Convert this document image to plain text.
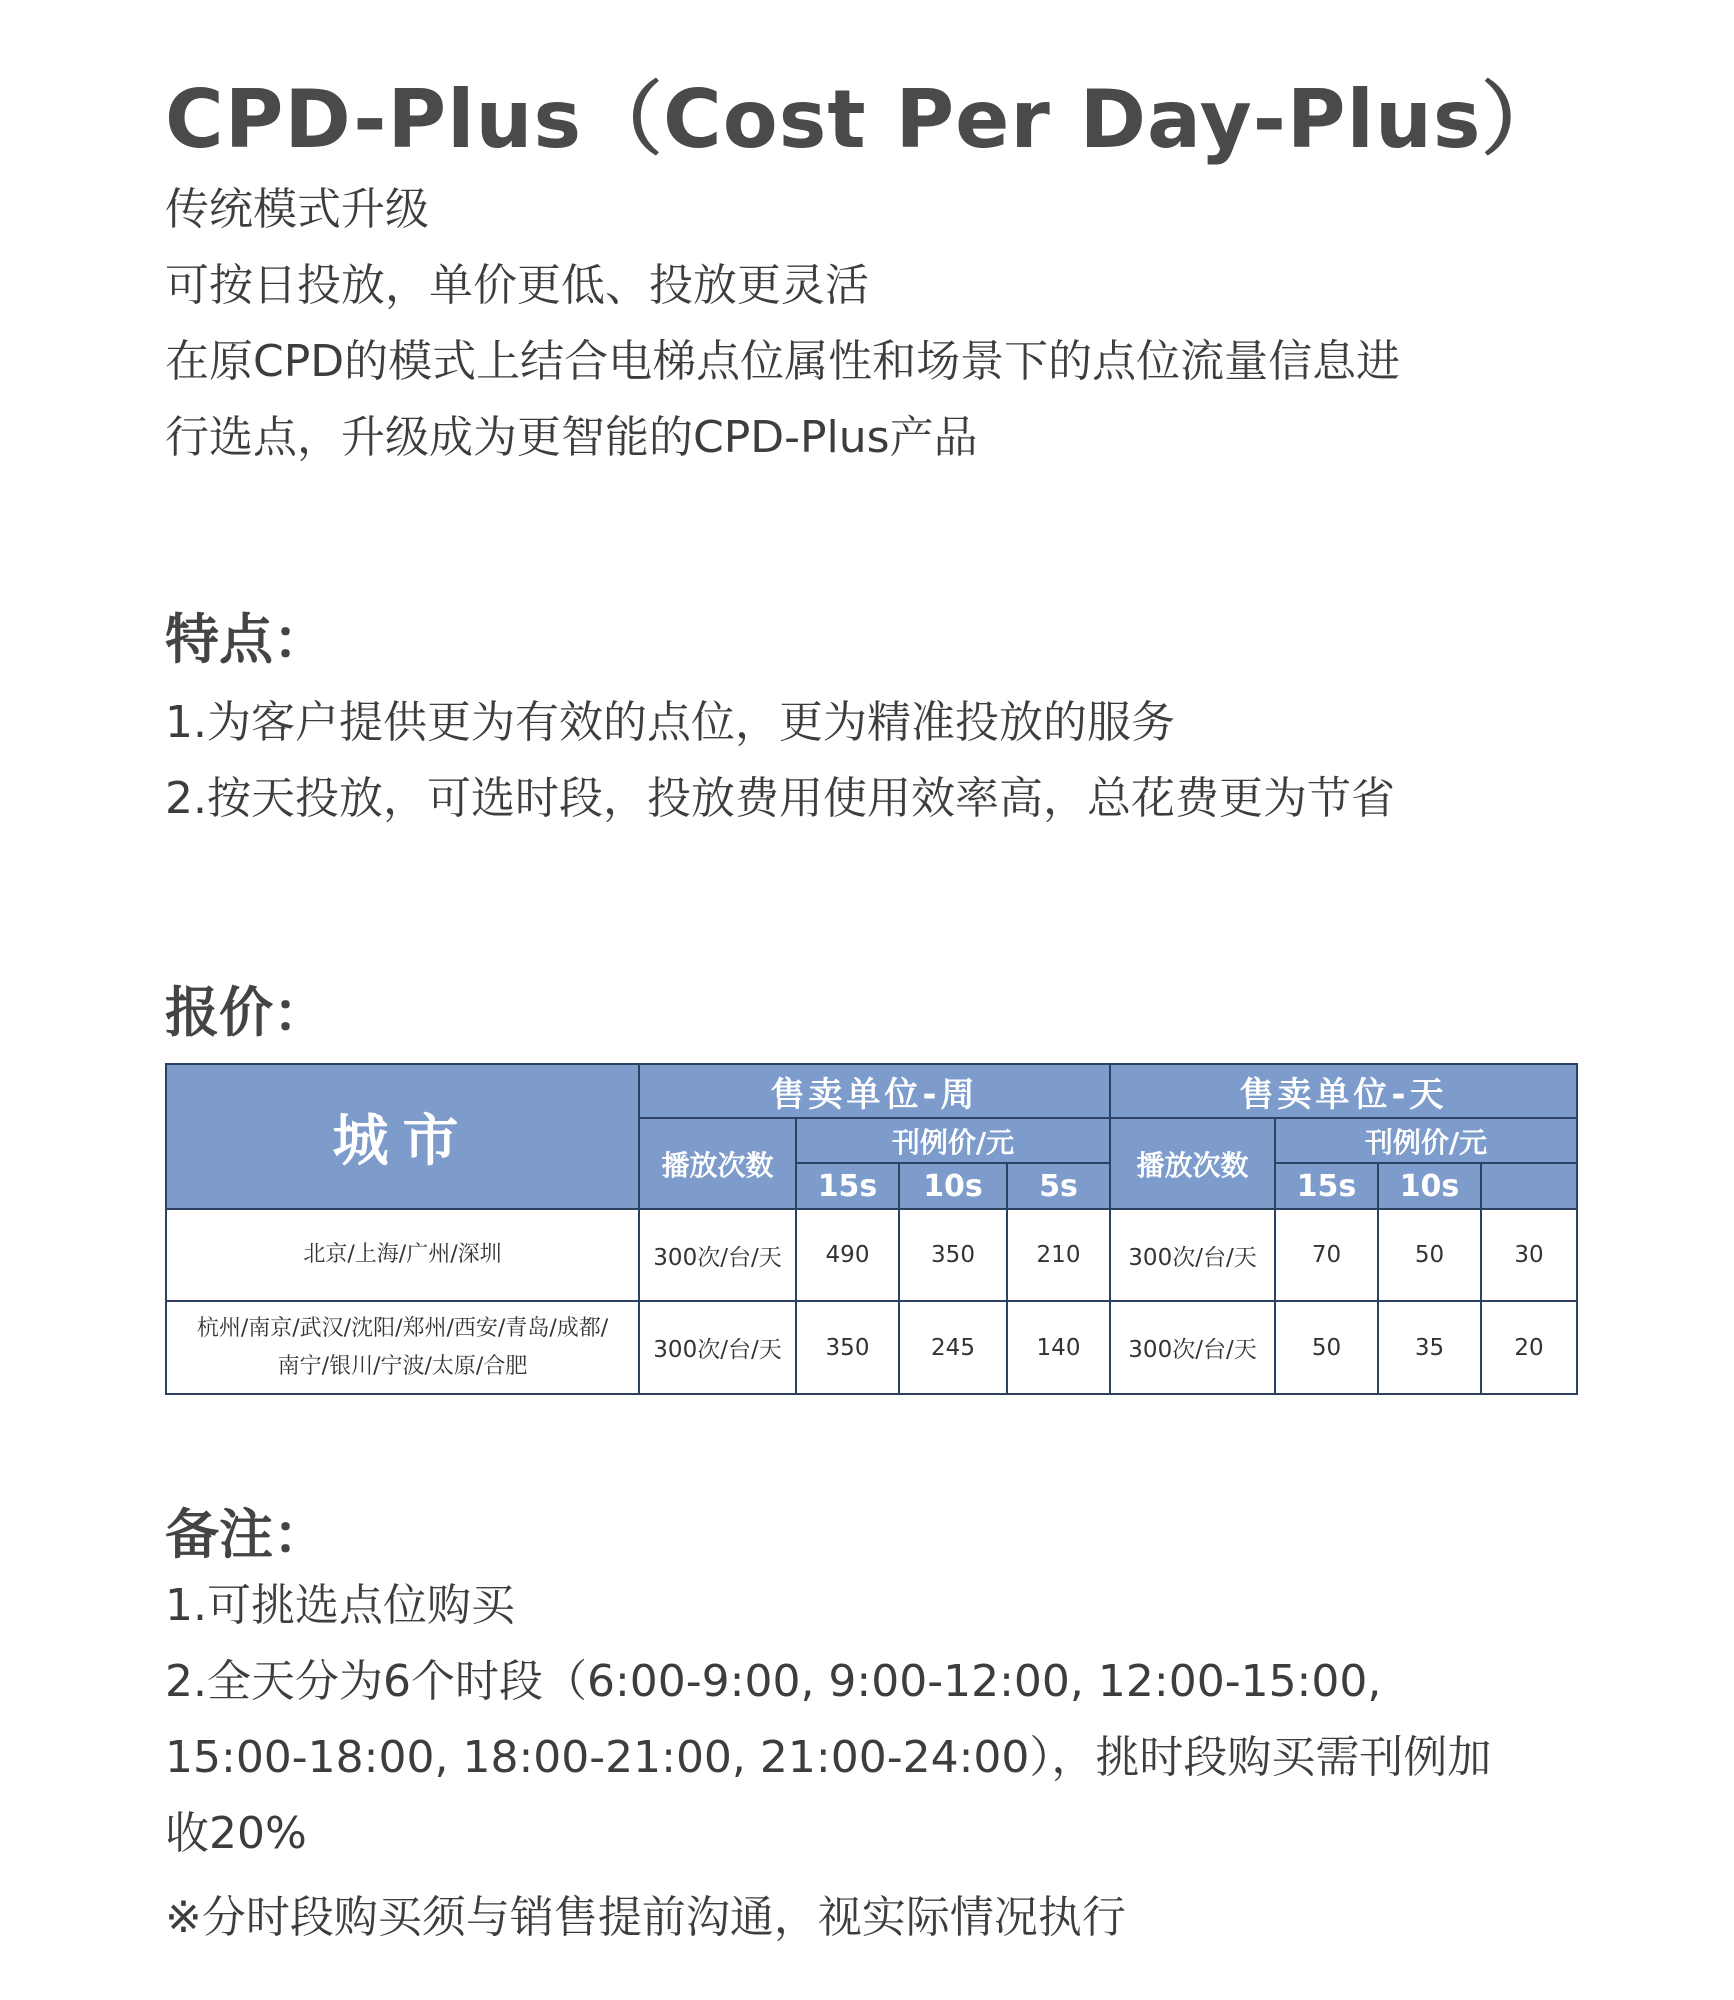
CPD-Plus（Cost Per Day-Plus）
传统模式升级
可按日投放，单价更低、投放更灵活
在原CPD的模式上结合电梯点位属性和场景下的点位流量信息进
行选点，升级成为更智能的CPD-Plus产品
特点：
1.为客户提供更为有效的点位，更为精准投放的服务
2.按天投放，可选时段，投放费用使用效率高，总花费更为节省
报价：
城市	售卖单位-周				售卖单位-天			
	播放次数	刊例价/元			播放次数	刊例价/元		
		15s	10s	5s		15s	10s	

北京/上海/广州/深圳	300次/台/天	490	350	210	300次/台/天	70	50	30

杭州/南京/武汉/沈阳/郑州/西安/青岛/成都/
南宁/银川/宁波/太原/合肥	300次/台/天	350	245	140	300次/台/天	50	35	20
备注：
1.可挑选点位购买
2.全天分为6个时段（6:00-9:00, 9:00-12:00, 12:00-15:00,
15:00-18:00, 18:00-21:00, 21:00-24:00），挑时段购买需刊例加
收20%
※分时段购买须与销售提前沟通，视实际情况执行
